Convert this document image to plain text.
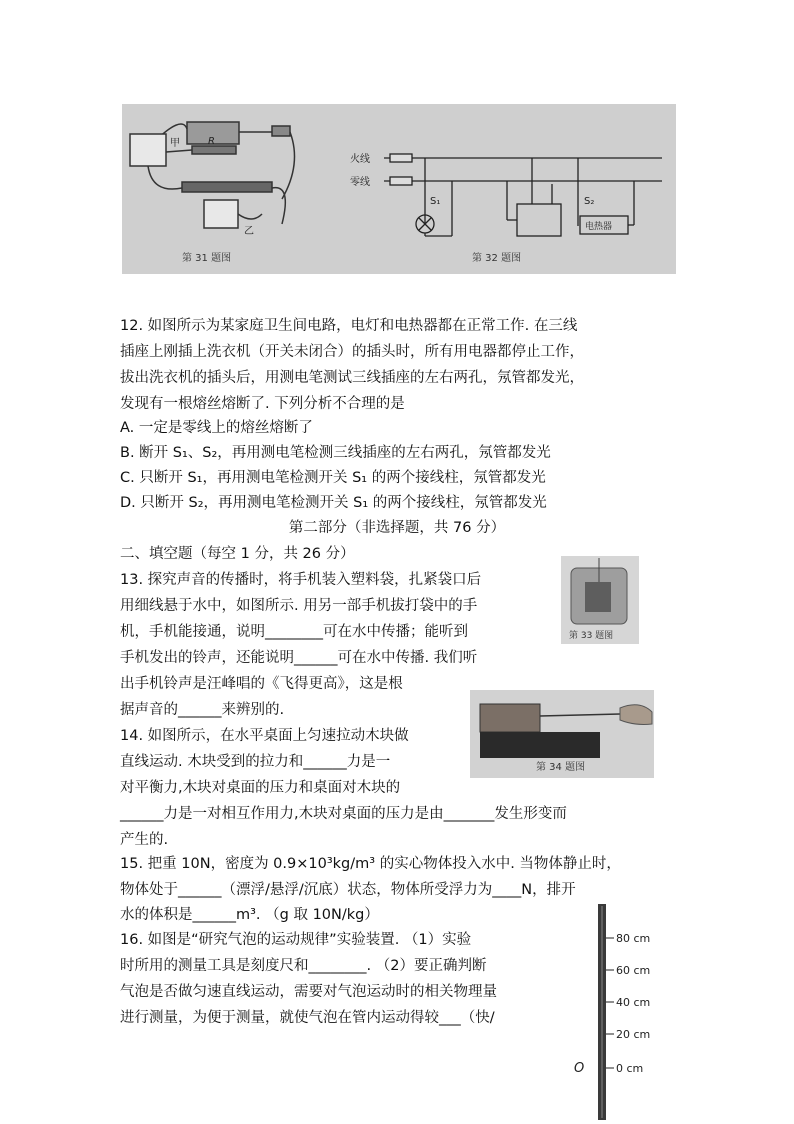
甲	R
乙
第 31 题图
火线
零线
S₁	S₂
电热器
第 32 题图
12. 如图所示为某家庭卫生间电路，电灯和电热器都在正常工作. 在三线
插座上刚插上洗衣机（开关未闭合）的插头时，所有用电器都停止工作，
拔出洗衣机的插头后，用测电笔测试三线插座的左右两孔，氖管都发光，
发现有一根熔丝熔断了. 下列分析不合理的是
A. 一定是零线上的熔丝熔断了
B. 断开 S₁、S₂，再用测电笔检测三线插座的左右两孔，氖管都发光
C. 只断开 S₁，再用测电笔检测开关 S₁ 的两个接线柱，氖管都发光
D. 只断开 S₂，再用测电笔检测开关 S₁ 的两个接线柱，氖管都发光
第二部分（非选择题，共 76 分）
二、填空题（每空 1 分，共 26 分）
第 33 题图
13. 探究声音的传播时，将手机装入塑料袋，扎紧袋口后
用细线悬于水中，如图所示. 用另一部手机拔打袋中的手
机，手机能接通，说明________可在水中传播；能听到
手机发出的铃声，还能说明______可在水中传播. 我们听
出手机铃声是汪峰唱的《飞得更高》，这是根
据声音的______来辨别的.
第 34 题图
14. 如图所示，在水平桌面上匀速拉动木块做
直线运动. 木块受到的拉力和______力是一
对平衡力,木块对桌面的压力和桌面对木块的
______力是一对相互作用力,木块对桌面的压力是由_______发生形变而
产生的.
15. 把重 10N，密度为 0.9×10³kg/m³ 的实心物体投入水中. 当物体静止时，
物体处于______（漂浮/悬浮/沉底）状态，物体所受浮力为____N，排开
水的体积是______m³. （g 取 10N/kg）
80 cm
60 cm
40 cm
20 cm
0 cm
O
16. 如图是“研究气泡的运动规律”实验装置. （1）实验
时所用的测量工具是刻度尺和________. （2）要正确判断
气泡是否做匀速直线运动，需要对气泡运动时的相关物理量
进行测量，为便于测量，就使气泡在管内运动得较___（快/
